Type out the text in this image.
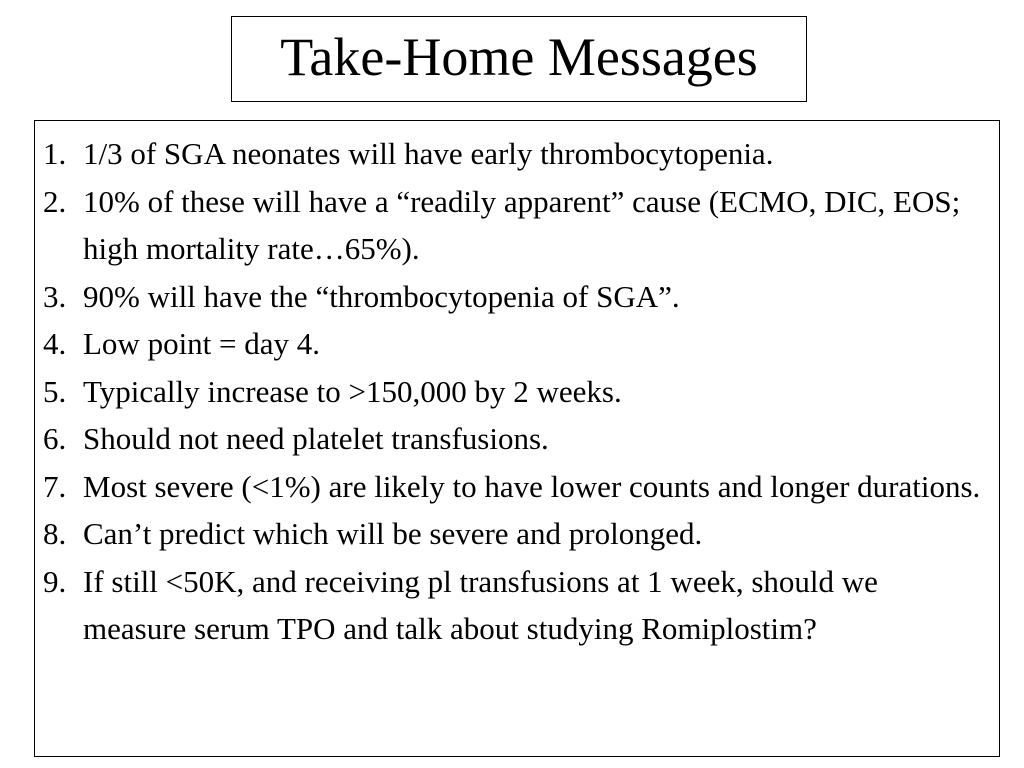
Take-Home Messages
1. 1/3 of SGA neonates will have early thrombocytopenia.
2. 10% of these will have a “readily apparent” cause (ECMO, DIC, EOS; high mortality rate…65%).
3. 90% will have the “thrombocytopenia of SGA”.
4. Low point = day 4.
5. Typically increase to >150,000 by 2 weeks.
6. Should not need platelet transfusions.
7. Most severe (<1%) are likely to have lower counts and longer durations.
8. Can’t predict which will be severe and prolonged.
9. If still <50K, and receiving pl transfusions at 1 week, should we measure serum TPO and talk about studying Romiplostim?
